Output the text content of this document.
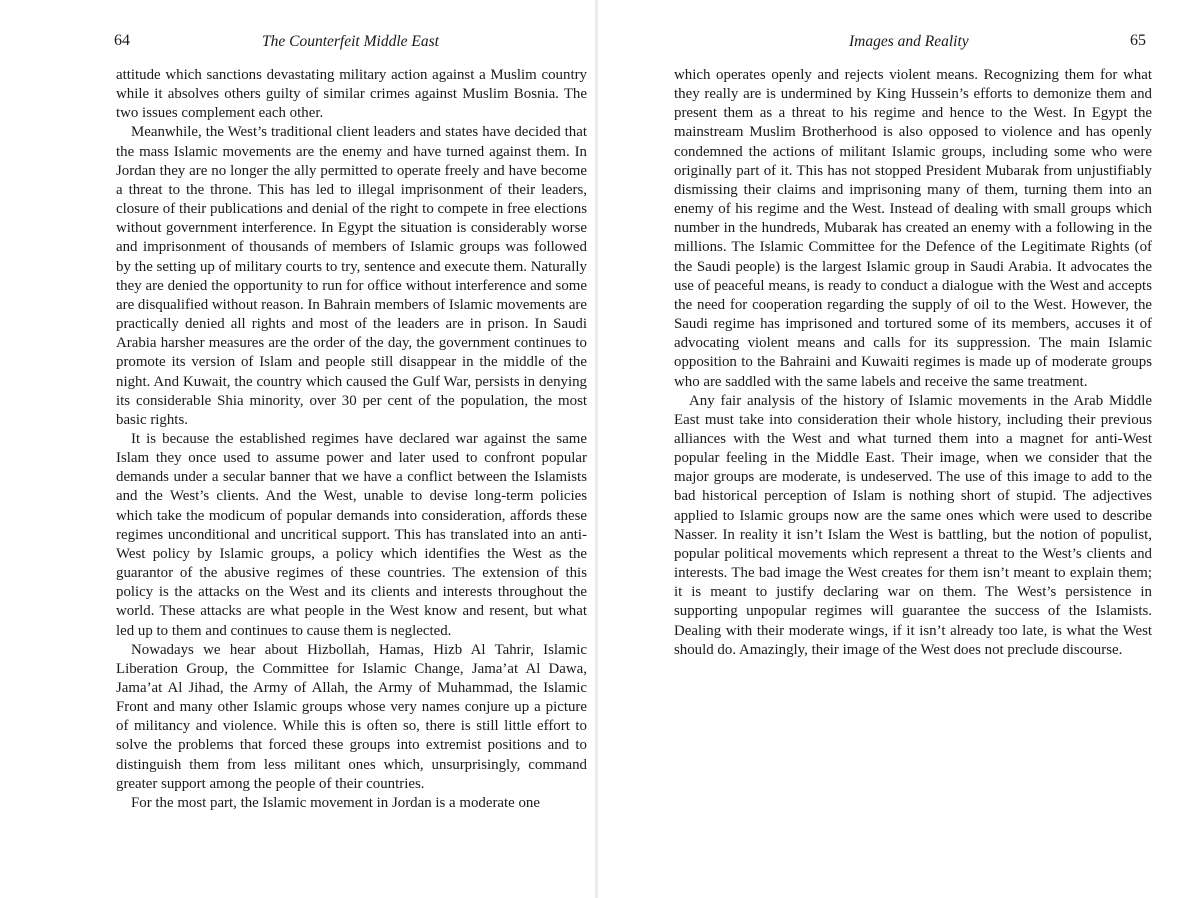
64	The Counterfeit Middle East

attitude which sanctions devastating military action against a Muslim country while it absolves others guilty of similar crimes against Muslim Bosnia. The two issues complement each other.

Meanwhile, the West’s traditional client leaders and states have decided that the mass Islamic movements are the enemy and have turned against them. In Jordan they are no longer the ally permitted to operate freely and have become a threat to the throne. This has led to illegal imprisonment of their leaders, closure of their publications and denial of the right to compete in free elections without government interference. In Egypt the situation is considerably worse and imprisonment of thousands of members of Islamic groups was followed by the setting up of military courts to try, sentence and execute them. Naturally they are denied the opportunity to run for office without interference and some are disqualified without reason. In Bahrain members of Islamic movements are practically denied all rights and most of the leaders are in prison. In Saudi Arabia harsher measures are the order of the day, the government continues to promote its version of Islam and people still disappear in the middle of the night. And Kuwait, the country which caused the Gulf War, persists in denying its considerable Shia minority, over 30 per cent of the population, the most basic rights.

It is because the established regimes have declared war against the same Islam they once used to assume power and later used to confront popular demands under a secular banner that we have a conflict between the Islamists and the West’s clients. And the West, unable to devise long-term policies which take the modicum of popular demands into consideration, affords these regimes unconditional and uncritical support. This has translated into an anti-West policy by Islamic groups, a policy which identifies the West as the guarantor of the abusive regimes of these countries. The extension of this policy is the attacks on the West and its clients and interests throughout the world. These attacks are what people in the West know and resent, but what led up to them and continues to cause them is neglected.

Nowadays we hear about Hizbollah, Hamas, Hizb Al Tahrir, Islamic Liberation Group, the Committee for Islamic Change, Jama’at Al Dawa, Jama’at Al Jihad, the Army of Allah, the Army of Muhammad, the Islamic Front and many other Islamic groups whose very names conjure up a picture of militancy and violence. While this is often so, there is still little effort to solve the problems that forced these groups into extremist positions and to distinguish them from less militant ones which, unsurprisingly, command greater support among the people of their countries.

For the most part, the Islamic movement in Jordan is a moderate one

Images and Reality	65

which operates openly and rejects violent means. Recognizing them for what they really are is undermined by King Hussein’s efforts to demonize them and present them as a threat to his regime and hence to the West. In Egypt the mainstream Muslim Brotherhood is also opposed to violence and has openly condemned the actions of militant Islamic groups, including some who were originally part of it. This has not stopped President Mubarak from unjustifiably dismissing their claims and imprisoning many of them, turning them into an enemy of his regime and the West. Instead of dealing with small groups which number in the hundreds, Mubarak has created an enemy with a following in the millions. The Islamic Committee for the Defence of the Legitimate Rights (of the Saudi people) is the largest Islamic group in Saudi Arabia. It advocates the use of peaceful means, is ready to conduct a dialogue with the West and accepts the need for cooperation regarding the supply of oil to the West. However, the Saudi regime has imprisoned and tortured some of its members, accuses it of advocating violent means and calls for its suppression. The main Islamic opposition to the Bahraini and Kuwaiti regimes is made up of moderate groups who are saddled with the same labels and receive the same treatment.

Any fair analysis of the history of Islamic movements in the Arab Middle East must take into consideration their whole history, including their previous alliances with the West and what turned them into a magnet for anti-West popular feeling in the Middle East. Their image, when we consider that the major groups are moderate, is undeserved. The use of this image to add to the bad historical perception of Islam is nothing short of stupid. The adjectives applied to Islamic groups now are the same ones which were used to describe Nasser. In reality it isn’t Islam the West is battling, but the notion of populist, popular political movements which represent a threat to the West’s clients and interests. The bad image the West creates for them isn’t meant to explain them; it is meant to justify declaring war on them. The West’s persistence in supporting unpopular regimes will guarantee the success of the Islamists. Dealing with their moderate wings, if it isn’t already too late, is what the West should do. Amazingly, their image of the West does not preclude discourse.
